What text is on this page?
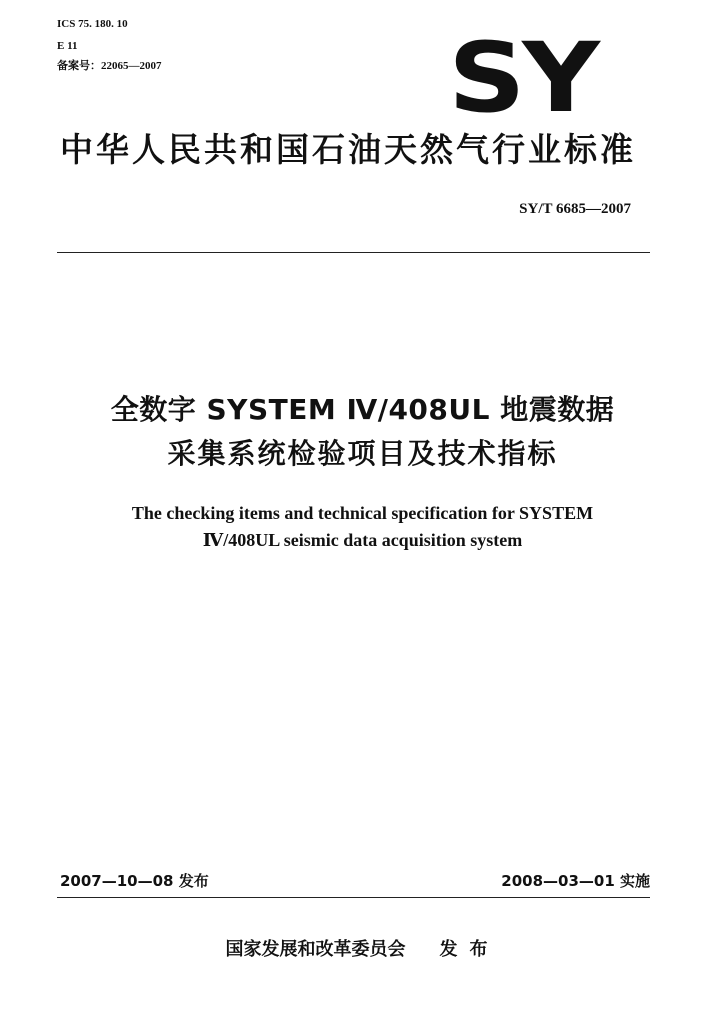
ICS 75. 180. 10
E 11
备案号：22065—2007	SY
中华人民共和国石油天然气行业标准
SY/T 6685—2007
全数字 SYSTEM Ⅳ/408UL 地震数据
采集系统检验项目及技术指标
The checking items and technical specification for SYSTEM
Ⅳ/408UL seismic data acquisition system
2007—10—08 发布	2008—03—01 实施
国家发展和改革委员会 发布
